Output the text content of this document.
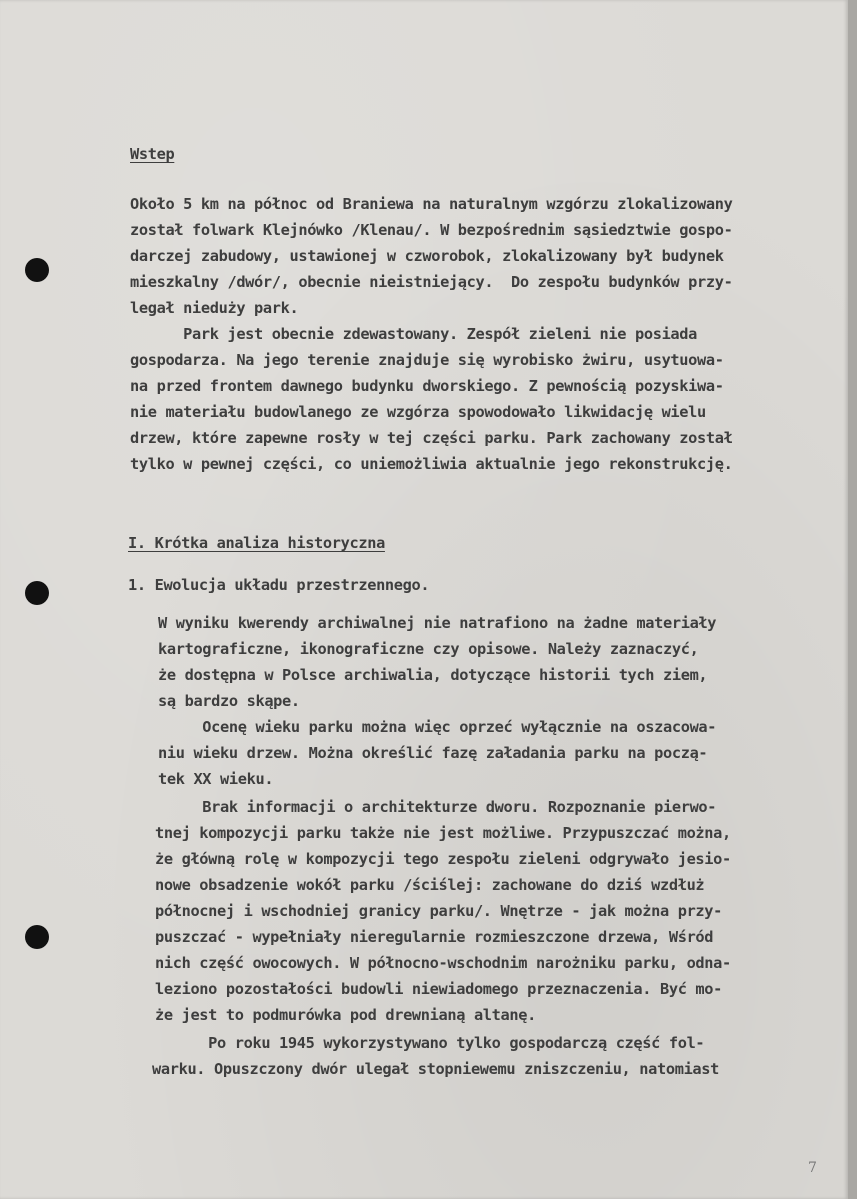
Wstep

Około 5 km na północ od Braniewa na naturalnym wzgórzu zlokalizowany

został folwark Klejnówko /Klenau/. W bezpośrednim sąsiedztwie gospo-

darczej zabudowy, ustawionej w czworobok, zlokalizowany był budynek

mieszkalny /dwór/, obecnie nieistniejący.  Do zespołu budynków przy-

legał nieduży park.

Park jest obecnie zdewastowany. Zespół zieleni nie posiada

gospodarza. Na jego terenie znajduje się wyrobisko żwiru, usytuowa-

na przed frontem dawnego budynku dworskiego. Z pewnością pozyskiwa-

nie materiału budowlanego ze wzgórza spowodowało likwidację wielu

drzew, które zapewne rosły w tej części parku. Park zachowany został

tylko w pewnej części, co uniemożliwia aktualnie jego rekonstrukcję.

I. Krótka analiza historyczna

1. Ewolucja układu przestrzennego.

W wyniku kwerendy archiwalnej nie natrafiono na żadne materiały

kartograficzne, ikonograficzne czy opisowe. Należy zaznaczyć,

że dostępna w Polsce archiwalia, dotyczące historii tych ziem,

są bardzo skąpe.

Ocenę wieku parku można więc oprzeć wyłącznie na oszacowa-

niu wieku drzew. Można określić fazę załadania parku na począ-

tek XX wieku.

Brak informacji o architekturze dworu. Rozpoznanie pierwo-

tnej kompozycji parku także nie jest możliwe. Przypuszczać można,

że główną rolę w kompozycji tego zespołu zieleni odgrywało jesio-

nowe obsadzenie wokół parku /ściślej: zachowane do dziś wzdłuż

północnej i wschodniej granicy parku/. Wnętrze - jak można przy-

puszczać - wypełniały nieregularnie rozmieszczone drzewa, Wśród

nich część owocowych. W północno-wschodnim narożniku parku, odna-

leziono pozostałości budowli niewiadomego przeznaczenia. Być mo-

że jest to podmurówka pod drewnianą altanę.

Po roku 1945 wykorzystywano tylko gospodarczą część fol-

warku. Opuszczony dwór ulegał stopniewemu zniszczeniu, natomiast

7
